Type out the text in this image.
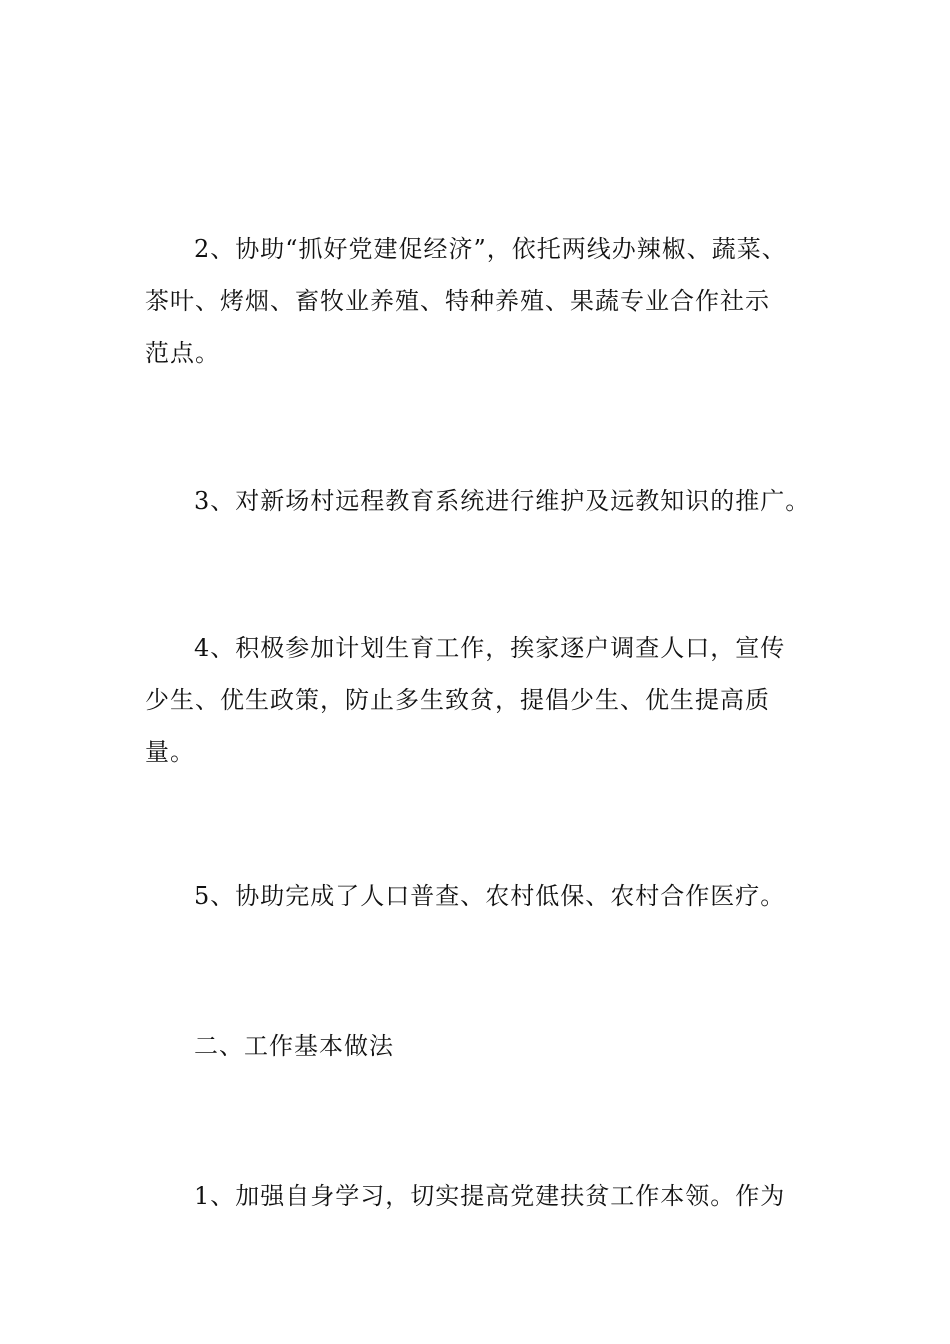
2、协助“抓好党建促经济”，依托两线办辣椒、蔬菜、
茶叶、烤烟、畜牧业养殖、特种养殖、果蔬专业合作社示
范点。
3、对新场村远程教育系统进行维护及远教知识的推广。
4、积极参加计划生育工作，挨家逐户调查人口，宣传
少生、优生政策，防止多生致贫，提倡少生、优生提高质
量。
5、协助完成了人口普查、农村低保、农村合作医疗。
二、工作基本做法
1、加强自身学习，切实提高党建扶贫工作本领。作为
